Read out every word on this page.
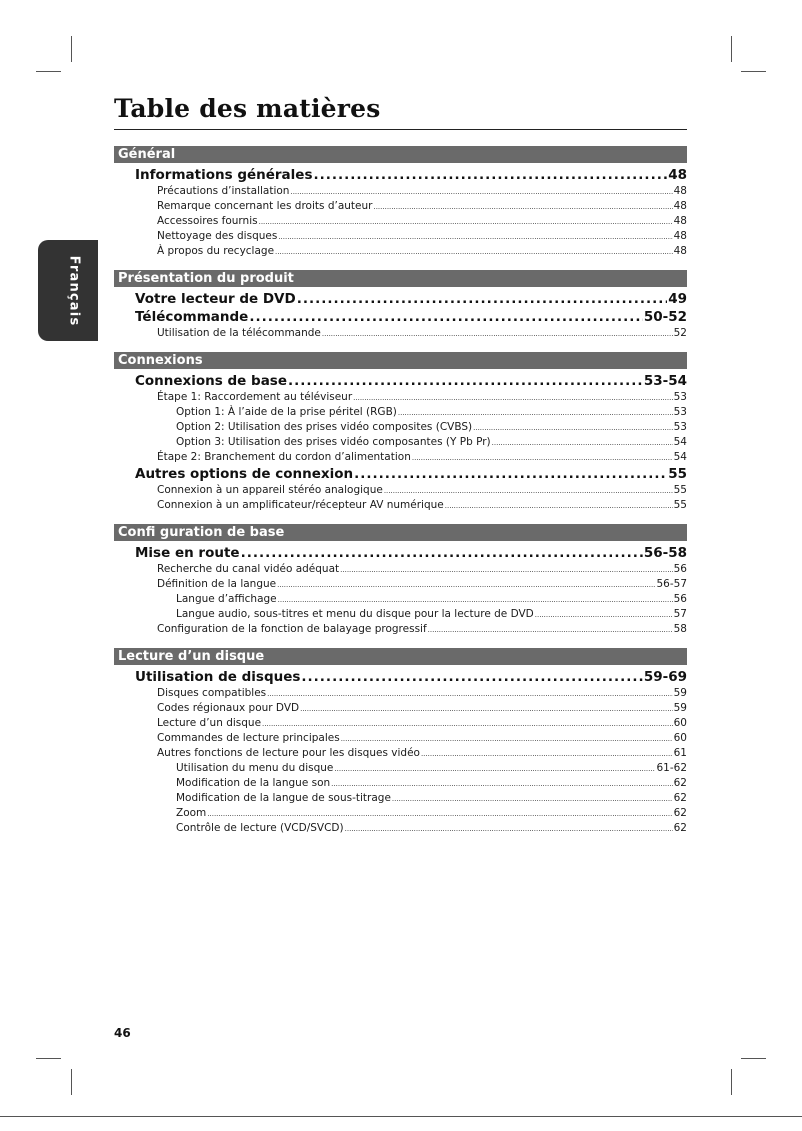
Table des matières
Français
Général
Informations générales .....	48
Précautions d’installation .....	48
Remarque concernant les droits d’auteur .....	48
Accessoires fournis .....	48
Nettoyage des disques .....	48
À propos du recyclage .....	48
Présentation du produit
Votre lecteur de DVD .....	49
Télécommande .....	50-52
Utilisation de la télécommande .....	52
Connexions
Connexions de base .....	53-54
Étape 1: Raccordement au téléviseur .....	53
Option 1: À l’aide de la prise péritel (RGB) .....	53
Option 2: Utilisation des prises vidéo composites (CVBS) .....	53
Option 3: Utilisation des prises vidéo composantes (Y Pb Pr) .....	54
Étape 2: Branchement du cordon d’alimentation .....	54
Autres options de connexion .....	55
Connexion à un appareil stéréo analogique .....	55
Connexion à un amplificateur/récepteur AV numérique .....	55
Confi guration de base
Mise en route .....	56-58
Recherche du canal vidéo adéquat .....	56
Définition de la langue .....	56-57
Langue d’affichage .....	56
Langue audio, sous-titres et menu du disque pour la lecture de DVD .....	57
Configuration de la fonction de balayage progressif .....	58
Lecture d’un disque
Utilisation de disques .....	59-69
Disques compatibles .....	59
Codes régionaux pour DVD .....	59
Lecture d’un disque .....	60
Commandes de lecture principales .....	60
Autres fonctions de lecture pour les disques vidéo .....	61
Utilisation du menu du disque .....	61-62
Modification de la langue son .....	62
Modification de la langue de sous-titrage .....	62
Zoom .....	62
Contrôle de lecture (VCD/SVCD) .....	62
46
